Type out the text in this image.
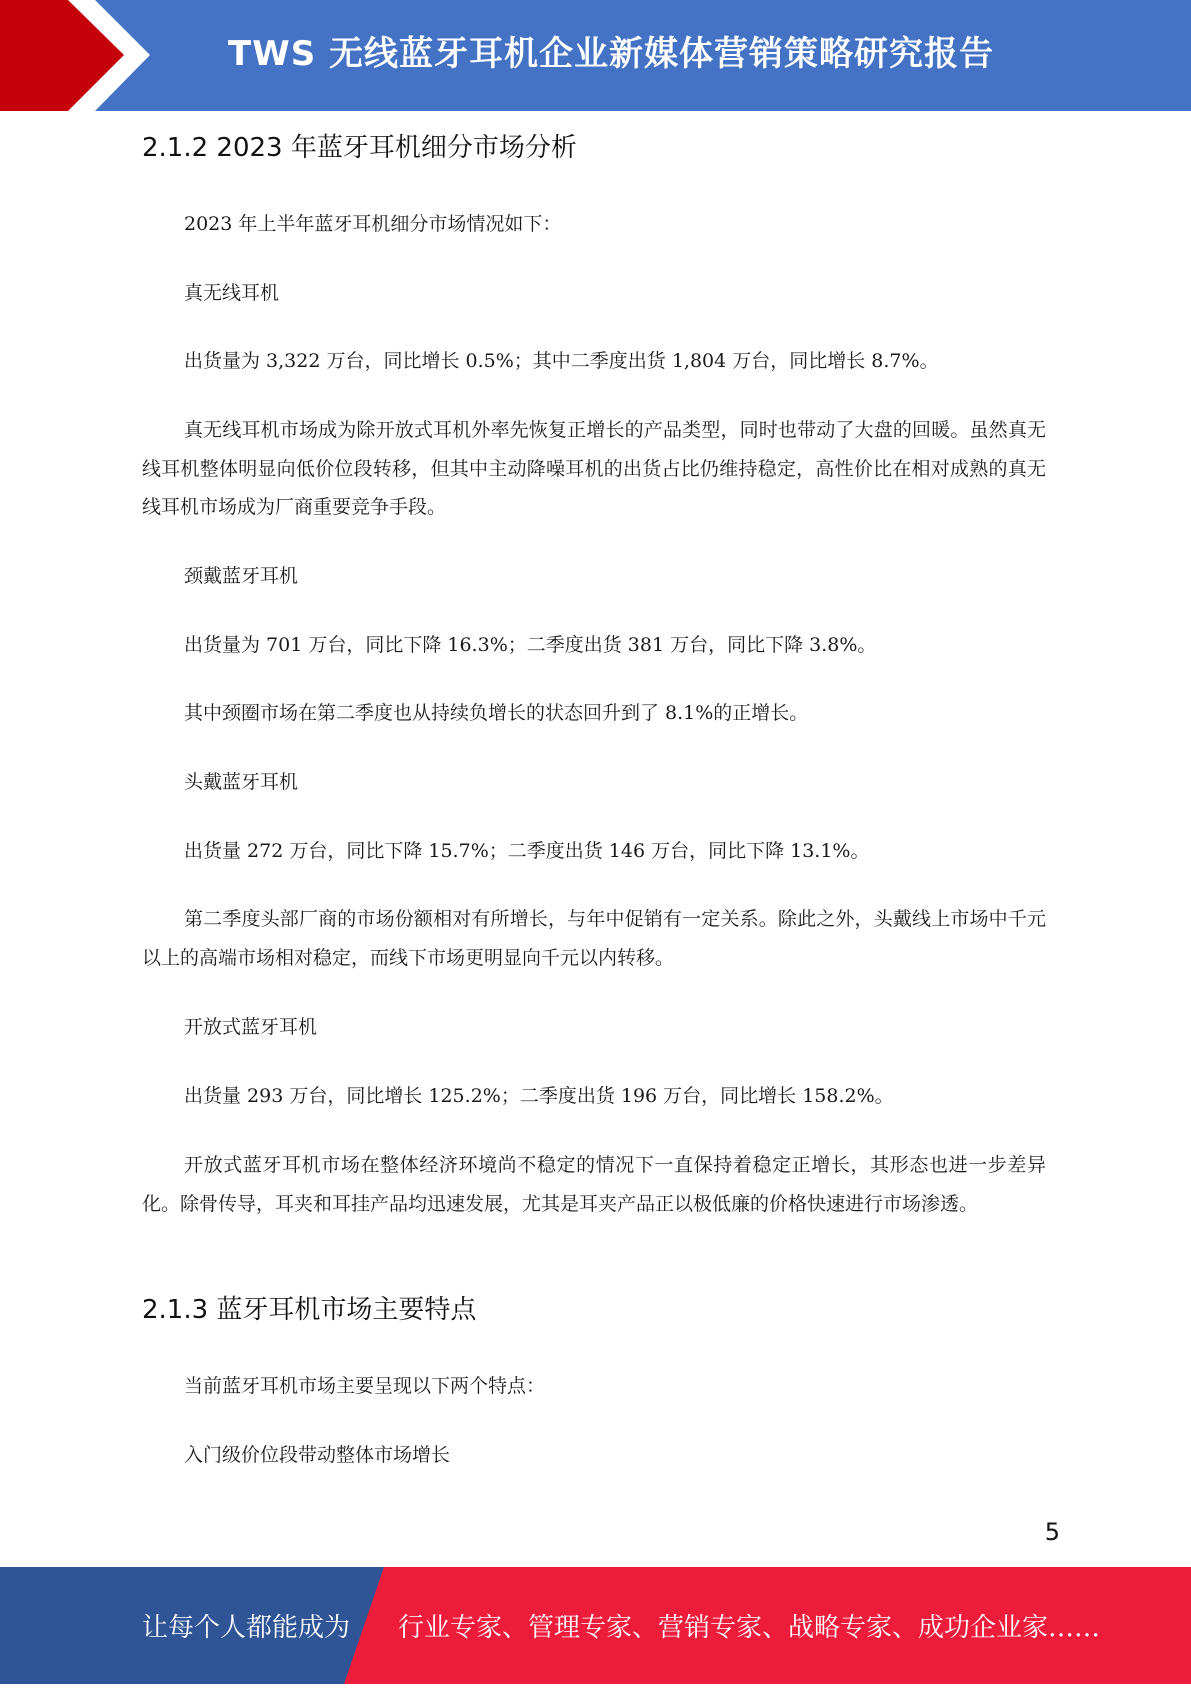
TWS 无线蓝牙耳机企业新媒体营销策略研究报告
2.1.2 2023 年蓝牙耳机细分市场分析
2023 年上半年蓝牙耳机细分市场情况如下：
真无线耳机
出货量为 3,322 万台，同比增长 0.5%；其中二季度出货 1,804 万台，同比增长 8.7%。
真无线耳机市场成为除开放式耳机外率先恢复正增长的产品类型，同时也带动了大盘的回暖。虽然真无线耳机整体明显向低价位段转移，但其中主动降噪耳机的出货占比仍维持稳定，高性价比在相对成熟的真无线耳机市场成为厂商重要竞争手段。
颈戴蓝牙耳机
出货量为 701 万台，同比下降 16.3%；二季度出货 381 万台，同比下降 3.8%。
其中颈圈市场在第二季度也从持续负增长的状态回升到了 8.1%的正增长。
头戴蓝牙耳机
出货量 272 万台，同比下降 15.7%；二季度出货 146 万台，同比下降 13.1%。
第二季度头部厂商的市场份额相对有所增长，与年中促销有一定关系。除此之外，头戴线上市场中千元以上的高端市场相对稳定，而线下市场更明显向千元以内转移。
开放式蓝牙耳机
出货量 293 万台，同比增长 125.2%；二季度出货 196 万台，同比增长 158.2%。
开放式蓝牙耳机市场在整体经济环境尚不稳定的情况下一直保持着稳定正增长，其形态也进一步差异化。除骨传导，耳夹和耳挂产品均迅速发展，尤其是耳夹产品正以极低廉的价格快速进行市场渗透。
2.1.3 蓝牙耳机市场主要特点
当前蓝牙耳机市场主要呈现以下两个特点：
入门级价位段带动整体市场增长
5
让每个人都能成为 行业专家、管理专家、营销专家、战略专家、成功企业家……
